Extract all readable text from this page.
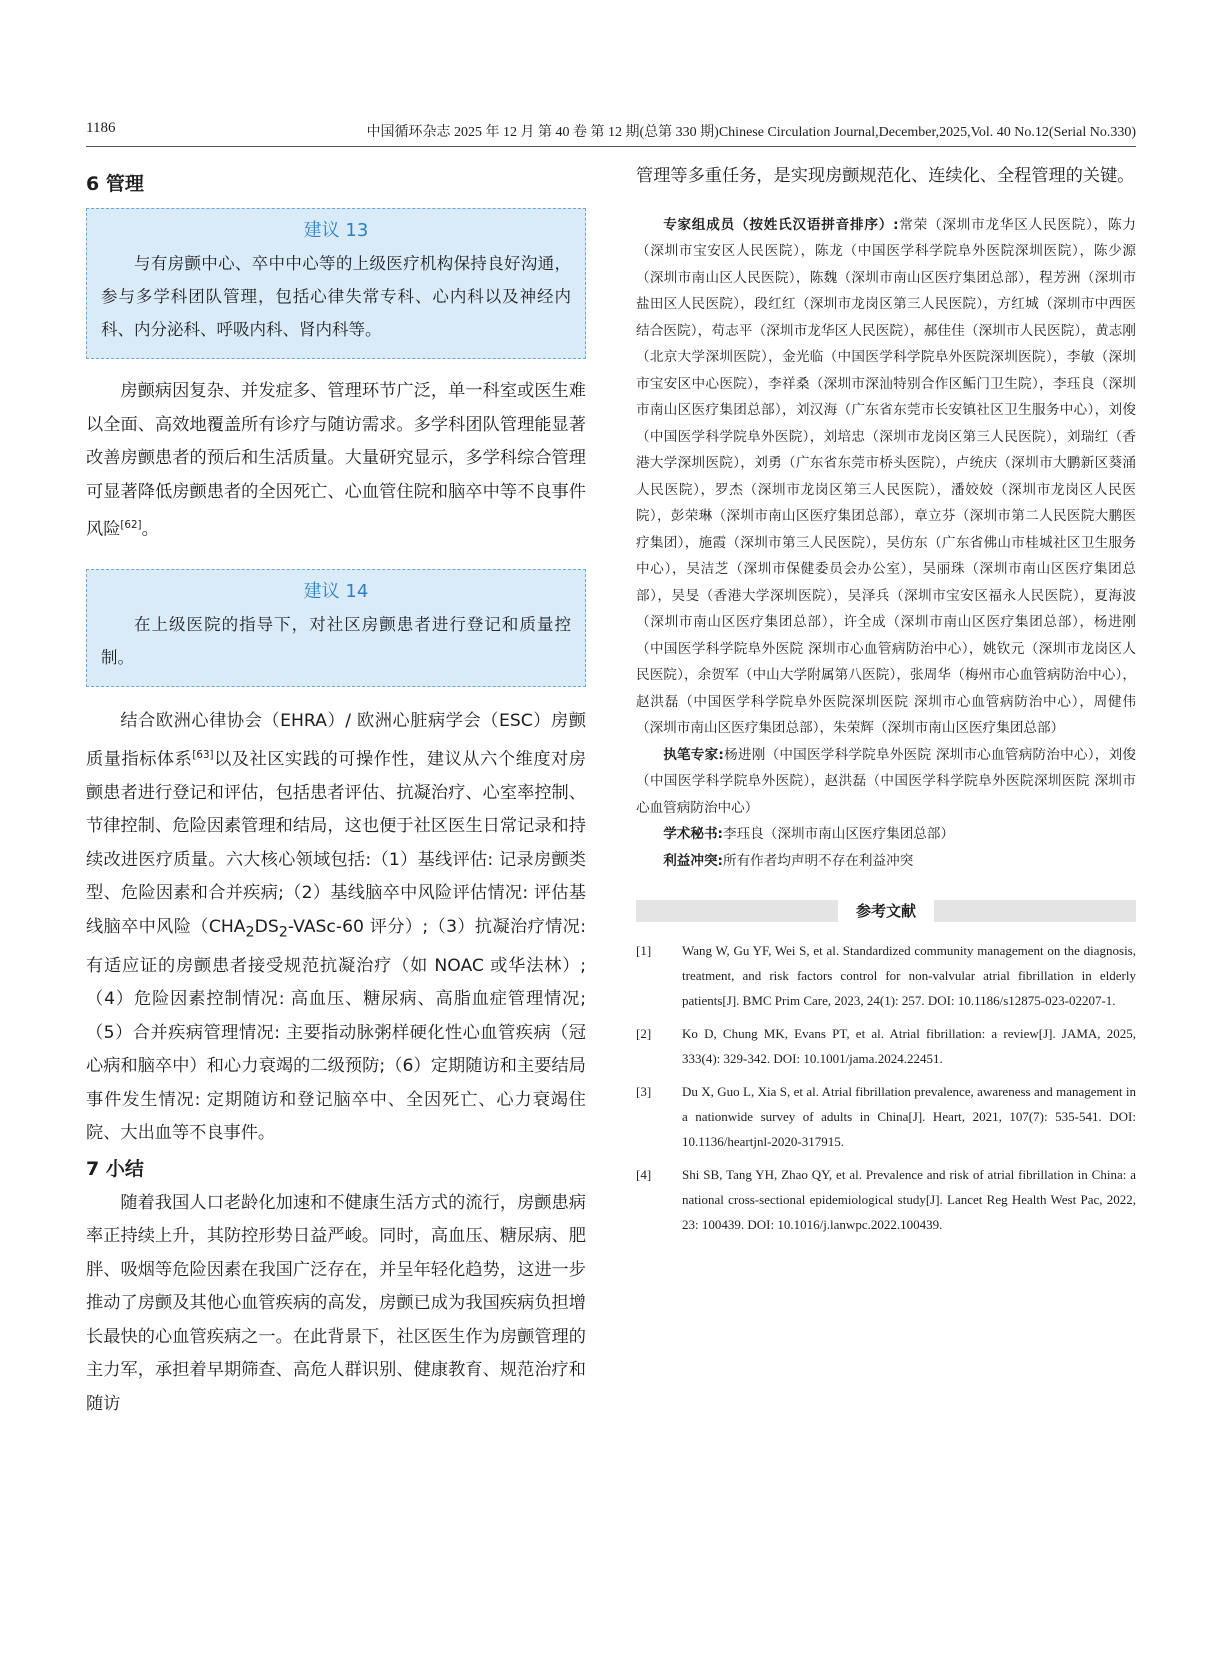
1186	中国循环杂志 2025 年 12 月 第 40 卷 第 12 期(总第 330 期)Chinese Circulation Journal,December,2025,Vol. 40 No.12(Serial No.330)
6 管理
建议 13

与有房颤中心、卒中中心等的上级医疗机构保持良好沟通，参与多学科团队管理，包括心律失常专科、心内科以及神经内科、内分泌科、呼吸内科、肾内科等。

房颤病因复杂、并发症多、管理环节广泛，单一科室或医生难以全面、高效地覆盖所有诊疗与随访需求。多学科团队管理能显著改善房颤患者的预后和生活质量。大量研究显示，多学科综合管理可显著降低房颤患者的全因死亡、心血管住院和脑卒中等不良事件风险[62]。

建议 14

在上级医院的指导下，对社区房颤患者进行登记和质量控制。

结合欧洲心律协会（EHRA）/ 欧洲心脏病学会（ESC）房颤质量指标体系[63]以及社区实践的可操作性，建议从六个维度对房颤患者进行登记和评估，包括患者评估、抗凝治疗、心室率控制、节律控制、危险因素管理和结局，这也便于社区医生日常记录和持续改进医疗质量。六大核心领域包括:（1）基线评估: 记录房颤类型、危险因素和合并疾病;（2）基线脑卒中风险评估情况: 评估基线脑卒中风险（$CHA_2DS_2-VASc-60$ 评分）;（3）抗凝治疗情况: 有适应证的房颤患者接受规范抗凝治疗（如 NOAC 或华法林）;（4）危险因素控制情况: 高血压、糖尿病、高脂血症管理情况;（5）合并疾病管理情况: 主要指动脉粥样硬化性心血管疾病（冠心病和脑卒中）和心力衰竭的二级预防;（6）定期随访和主要结局事件发生情况: 定期随访和登记脑卒中、全因死亡、心力衰竭住院、大出血等不良事件。

7 小结

随着我国人口老龄化加速和不健康生活方式的流行，房颤患病率正持续上升，其防控形势日益严峻。同时，高血压、糖尿病、肥胖、吸烟等危险因素在我国广泛存在，并呈年轻化趋势，这进一步推动了房颤及其他心血管疾病的高发，房颤已成为我国疾病负担增长最快的心血管疾病之一。在此背景下，社区医生作为房颤管理的主力军，承担着早期筛查、高危人群识别、健康教育、规范治疗和随访

管理等多重任务，是实现房颤规范化、连续化、全程管理的关键。

专家组成员（按姓氏汉语拼音排序）:常荣（深圳市龙华区人民医院），陈力（深圳市宝安区人民医院），陈龙（中国医学科学院阜外医院深圳医院），陈少源（深圳市南山区人民医院），陈魏（深圳市南山区医疗集团总部），程芳洲（深圳市盐田区人民医院），段红红（深圳市龙岗区第三人民医院），方红城（深圳市中西医结合医院），苟志平（深圳市龙华区人民医院），郝佳佳（深圳市人民医院），黄志刚（北京大学深圳医院），金光临（中国医学科学院阜外医院深圳医院），李敏（深圳市宝安区中心医院），李祥桑（深圳市深汕特别合作区鲘门卫生院），李珏良（深圳市南山区医疗集团总部），刘汉海（广东省东莞市长安镇社区卫生服务中心），刘俊（中国医学科学院阜外医院），刘培忠（深圳市龙岗区第三人民医院），刘瑞红（香港大学深圳医院），刘勇（广东省东莞市桥头医院），卢统庆（深圳市大鹏新区葵涌人民医院），罗杰（深圳市龙岗区第三人民医院），潘姣姣（深圳市龙岗区人民医院），彭荣琳（深圳市南山区医疗集团总部），章立芬（深圳市第二人民医院大鹏医疗集团），施霞（深圳市第三人民医院），吴仿东（广东省佛山市桂城社区卫生服务中心），吴洁芝（深圳市保健委员会办公室），吴丽珠（深圳市南山区医疗集团总部），吴旻（香港大学深圳医院），吴泽兵（深圳市宝安区福永人民医院），夏海波（深圳市南山区医疗集团总部），许全成（深圳市南山区医疗集团总部），杨进刚（中国医学科学院阜外医院 深圳市心血管病防治中心），姚钦元（深圳市龙岗区人民医院），余贺军（中山大学附属第八医院），张周华（梅州市心血管病防治中心），赵洪磊（中国医学科学院阜外医院深圳医院 深圳市心血管病防治中心），周健伟（深圳市南山区医疗集团总部），朱荣辉（深圳市南山区医疗集团总部）

执笔专家:杨进刚（中国医学科学院阜外医院 深圳市心血管病防治中心），刘俊（中国医学科学院阜外医院），赵洪磊（中国医学科学院阜外医院深圳医院 深圳市心血管病防治中心）

学术秘书:李珏良（深圳市南山区医疗集团总部）

利益冲突:所有作者均声明不存在利益冲突

参考文献
[1] Wang W, Gu YF, Wei S, et al. Standardized community management on the diagnosis, treatment, and risk factors control for non-valvular atrial fibrillation in elderly patients[J]. BMC Prim Care, 2023, 24(1): 257. DOI: 10.1186/s12875-023-02207-1.
[2] Ko D, Chung MK, Evans PT, et al. Atrial fibrillation: a review[J]. JAMA, 2025, 333(4): 329-342. DOI: 10.1001/jama.2024.22451.
[3] Du X, Guo L, Xia S, et al. Atrial fibrillation prevalence, awareness and management in a nationwide survey of adults in China[J]. Heart, 2021, 107(7): 535-541. DOI: 10.1136/heartjnl-2020-317915.
[4] Shi SB, Tang YH, Zhao QY, et al. Prevalence and risk of atrial fibrillation in China: a national cross-sectional epidemiological study[J]. Lancet Reg Health West Pac, 2022, 23: 100439. DOI: 10.1016/j.lanwpc.2022.100439.
